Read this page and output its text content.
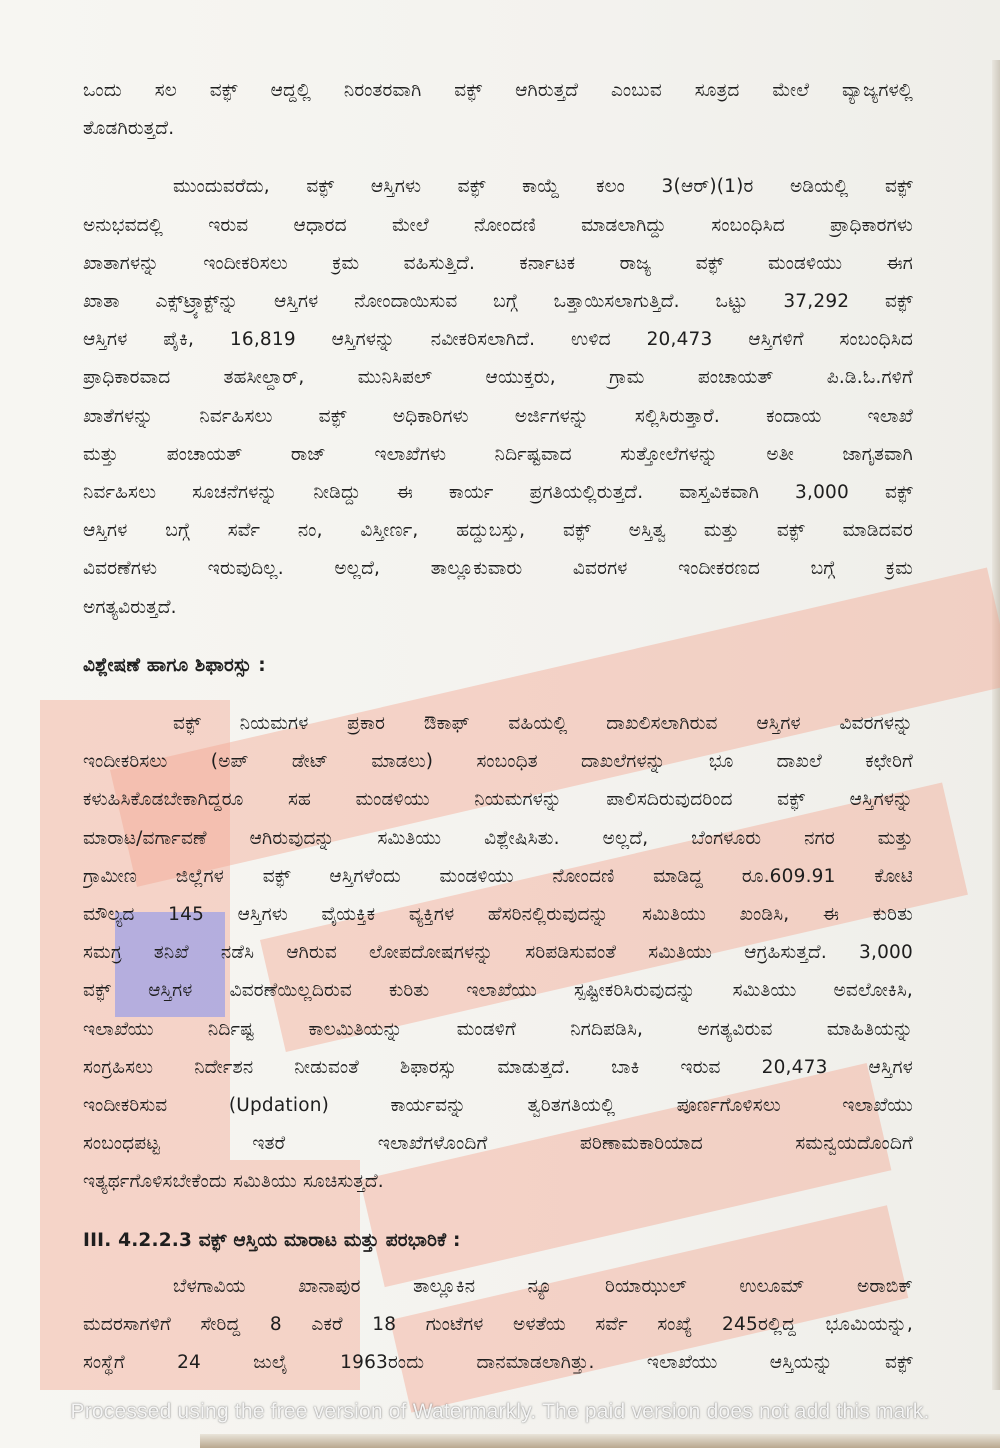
ಒಂದು ಸಲ ವಕ್ಫ್ ಆದ್ದಲ್ಲಿ ನಿರಂತರವಾಗಿ ವಕ್ಫ್ ಆಗಿರುತ್ತದೆ ಎಂಬುವ ಸೂತ್ರದ ಮೇಲೆ ವ್ಯಾಜ್ಯಗಳಲ್ಲಿ
ತೊಡಗಿರುತ್ತದೆ.

ಮುಂದುವರೆದು, ವಕ್ಫ್ ಆಸ್ತಿಗಳು ವಕ್ಫ್ ಕಾಯ್ದೆ ಕಲಂ 3(ಆರ್)(1)ರ ಅಡಿಯಲ್ಲಿ ವಕ್ಫ್
ಅನುಭವದಲ್ಲಿ ಇರುವ ಆಧಾರದ ಮೇಲೆ ನೋಂದಣಿ ಮಾಡಲಾಗಿದ್ದು ಸಂಬಂಧಿಸಿದ ಪ್ರಾಧಿಕಾರಗಳು
ಖಾತಾಗಳನ್ನು ಇಂದೀಕರಿಸಲು ಕ್ರಮ ವಹಿಸುತ್ತಿದೆ. ಕರ್ನಾಟಕ ರಾಜ್ಯ ವಕ್ಫ್ ಮಂಡಳಿಯು ಈಗ
ಖಾತಾ ಎಕ್ಸ್‌ಟ್ರ್ಯಾಕ್ಟ್‌ನ್ನು ಆಸ್ತಿಗಳ ನೋಂದಾಯಿಸುವ ಬಗ್ಗೆ ಒತ್ತಾಯಿಸಲಾಗುತ್ತಿದೆ. ಒಟ್ಟು 37,292 ವಕ್ಫ್
ಆಸ್ತಿಗಳ ಪೈಕಿ, 16,819 ಆಸ್ತಿಗಳನ್ನು ನವೀಕರಿಸಲಾಗಿದೆ. ಉಳಿದ 20,473 ಆಸ್ತಿಗಳಿಗೆ ಸಂಬಂಧಿಸಿದ
ಪ್ರಾಧಿಕಾರವಾದ ತಹಸೀಲ್ದಾರ್, ಮುನಿಸಿಪಲ್ ಆಯುಕ್ತರು, ಗ್ರಾಮ ಪಂಚಾಯತ್ ಪಿ.ಡಿ.ಓ.ಗಳಿಗೆ
ಖಾತೆಗಳನ್ನು ನಿರ್ವಹಿಸಲು ವಕ್ಫ್ ಅಧಿಕಾರಿಗಳು ಅರ್ಜಿಗಳನ್ನು ಸಲ್ಲಿಸಿರುತ್ತಾರೆ. ಕಂದಾಯ ಇಲಾಖೆ
ಮತ್ತು ಪಂಚಾಯತ್ ರಾಜ್ ಇಲಾಖೆಗಳು ನಿರ್ದಿಷ್ಟವಾದ ಸುತ್ತೋಲೆಗಳನ್ನು ಅತೀ ಜಾಗೃತವಾಗಿ
ನಿರ್ವಹಿಸಲು ಸೂಚನೆಗಳನ್ನು ನೀಡಿದ್ದು ಈ ಕಾರ್ಯ ಪ್ರಗತಿಯಲ್ಲಿರುತ್ತದೆ. ವಾಸ್ತವಿಕವಾಗಿ 3,000 ವಕ್ಫ್
ಆಸ್ತಿಗಳ ಬಗ್ಗೆ ಸರ್ವೆ ನಂ, ವಿಸ್ತೀರ್ಣ, ಹದ್ದುಬಸ್ತು, ವಕ್ಫ್ ಅಸ್ತಿತ್ವ ಮತ್ತು ವಕ್ಫ್ ಮಾಡಿದವರ
ವಿವರಣೆಗಳು ಇರುವುದಿಲ್ಲ. ಅಲ್ಲದೆ, ತಾಲ್ಲೂಕುವಾರು ವಿವರಗಳ ಇಂದೀಕರಣದ ಬಗ್ಗೆ ಕ್ರಮ
ಅಗತ್ಯವಿರುತ್ತದೆ.

ವಿಶ್ಲೇಷಣೆ ಹಾಗೂ ಶಿಫಾರಸ್ಸು :

ವಕ್ಫ್ ನಿಯಮಗಳ ಪ್ರಕಾರ ಔಕಾಫ್ ವಹಿಯಲ್ಲಿ ದಾಖಲಿಸಲಾಗಿರುವ ಆಸ್ತಿಗಳ ವಿವರಗಳನ್ನು
ಇಂದೀಕರಿಸಲು (ಅಪ್ ಡೇಟ್ ಮಾಡಲು) ಸಂಬಂಧಿತ ದಾಖಲೆಗಳನ್ನು ಭೂ ದಾಖಲೆ ಕಛೇರಿಗೆ
ಕಳುಹಿಸಿಕೊಡಬೇಕಾಗಿದ್ದರೂ ಸಹ ಮಂಡಳಿಯು ನಿಯಮಗಳನ್ನು ಪಾಲಿಸದಿರುವುದರಿಂದ ವಕ್ಫ್ ಆಸ್ತಿಗಳನ್ನು
ಮಾರಾಟ/ವರ್ಗಾವಣೆ ಆಗಿರುವುದನ್ನು ಸಮಿತಿಯು ವಿಶ್ಲೇಷಿಸಿತು. ಅಲ್ಲದೆ, ಬೆಂಗಳೂರು ನಗರ ಮತ್ತು
ಗ್ರಾಮೀಣ ಜಿಲ್ಲೆಗಳ ವಕ್ಫ್ ಆಸ್ತಿಗಳೆಂದು ಮಂಡಳಿಯು ನೋಂದಣಿ ಮಾಡಿದ್ದ ರೂ.609.91 ಕೋಟಿ
ಮೌಲ್ಯದ 145 ಆಸ್ತಿಗಳು ವೈಯಕ್ತಿಕ ವ್ಯಕ್ತಿಗಳ ಹೆಸರಿನಲ್ಲಿರುವುದನ್ನು ಸಮಿತಿಯು ಖಂಡಿಸಿ, ಈ ಕುರಿತು
ಸಮಗ್ರ ತನಿಖೆ ನಡೆಸಿ ಆಗಿರುವ ಲೋಪದೋಷಗಳನ್ನು ಸರಿಪಡಿಸುವಂತೆ ಸಮಿತಿಯು ಆಗ್ರಹಿಸುತ್ತದೆ. 3,000
ವಕ್ಫ್ ಆಸ್ತಿಗಳ ವಿವರಣೆಯಿಲ್ಲದಿರುವ ಕುರಿತು ಇಲಾಖೆಯು ಸ್ಪಷ್ಟೀಕರಿಸಿರುವುದನ್ನು ಸಮಿತಿಯು ಅವಲೋಕಿಸಿ,
ಇಲಾಖೆಯು ನಿರ್ದಿಷ್ಟ ಕಾಲಮಿತಿಯನ್ನು ಮಂಡಳಿಗೆ ನಿಗದಿಪಡಿಸಿ, ಅಗತ್ಯವಿರುವ ಮಾಹಿತಿಯನ್ನು
ಸಂಗ್ರಹಿಸಲು ನಿರ್ದೇಶನ ನೀಡುವಂತೆ ಶಿಫಾರಸ್ಸು ಮಾಡುತ್ತದೆ. ಬಾಕಿ ಇರುವ 20,473 ಆಸ್ತಿಗಳ
ಇಂದೀಕರಿಸುವ (Updation) ಕಾರ್ಯವನ್ನು ತ್ವರಿತಗತಿಯಲ್ಲಿ ಪೂರ್ಣಗೊಳಿಸಲು ಇಲಾಖೆಯು
ಸಂಬಂಧಪಟ್ಟ ಇತರೆ ಇಲಾಖೆಗಳೊಂದಿಗೆ ಪರಿಣಾಮಕಾರಿಯಾದ ಸಮನ್ವಯದೊಂದಿಗೆ
ಇತ್ಯರ್ಥಗೊಳಿಸಬೇಕೆಂದು ಸಮಿತಿಯು ಸೂಚಿಸುತ್ತದೆ.

III. 4.2.2.3 ವಕ್ಫ್ ಆಸ್ತಿಯ ಮಾರಾಟ ಮತ್ತು ಪರಭಾರಿಕೆ :

ಬೆಳಗಾವಿಯ ಖಾನಾಪುರ ತಾಲ್ಲೂಕಿನ ನ್ಯೂ ರಿಯಾಝುಲ್ ಉಲೂಮ್ ಅರಾಬಿಕ್
ಮದರಸಾಗಳಿಗೆ ಸೇರಿದ್ದ 8 ಎಕರೆ 18 ಗುಂಟೆಗಳ ಅಳತೆಯ ಸರ್ವೆ ಸಂಖ್ಯೆ 245ರಲ್ಲಿದ್ದ ಭೂಮಿಯನ್ನು,
ಸಂಸ್ಥೆಗೆ 24 ಜುಲೈ 1963ರಂದು ದಾನಮಾಡಲಾಗಿತ್ತು. ಇಲಾಖೆಯು ಆಸ್ತಿಯನ್ನು ವಕ್ಫ್

Processed using the free version of Watermarkly. The paid version does not add this mark.
